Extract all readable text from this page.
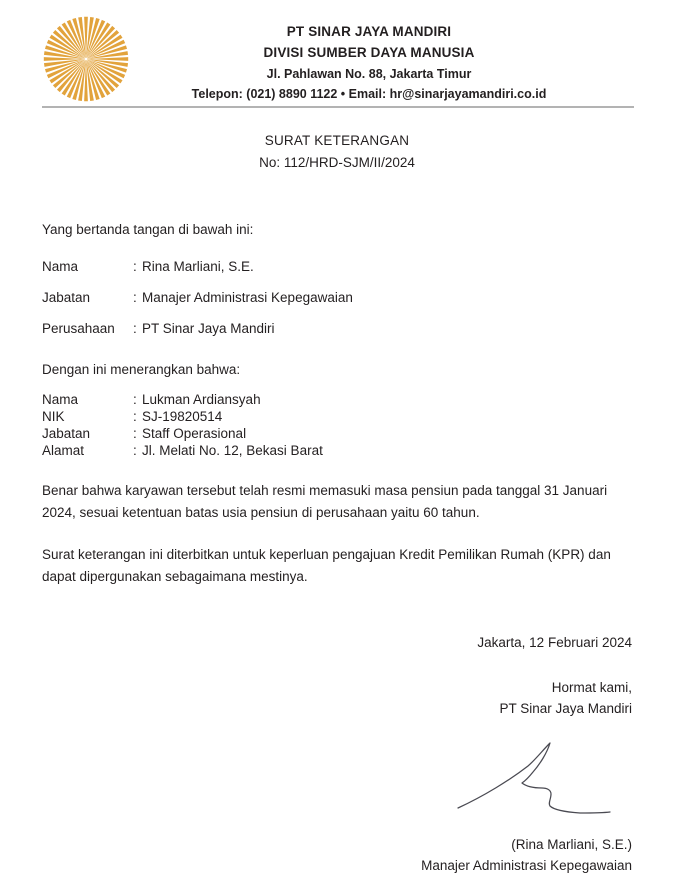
PT SINAR JAYA MANDIRI
DIVISI SUMBER DAYA MANUSIA
Jl. Pahlawan No. 88, Jakarta Timur
Telepon: (021) 8890 1122 • Email: hr@sinarjayamandiri.co.id
SURAT KETERANGAN
No: 112/HRD-SJM/II/2024
Yang bertanda tangan di bawah ini:
Nama	:	Rina Marliani, S.E.
Jabatan	:	Manajer Administrasi Kepegawaian
Perusahaan	:	PT Sinar Jaya Mandiri
Dengan ini menerangkan bahwa:
Nama	:	Lukman Ardiansyah
NIK	:	SJ-19820514
Jabatan	:	Staff Operasional
Alamat	:	Jl. Melati No. 12, Bekasi Barat

Benar bahwa karyawan tersebut telah resmi memasuki masa pensiun pada tanggal 31 Januari 2024, sesuai ketentuan batas usia pensiun di perusahaan yaitu 60 tahun.

Surat keterangan ini diterbitkan untuk keperluan pengajuan Kredit Pemilikan Rumah (KPR) dan dapat dipergunakan sebagaimana mestinya.

Jakarta, 12 Februari 2024
Hormat kami,
PT Sinar Jaya Mandiri
(Rina Marliani, S.E.)
Manajer Administrasi Kepegawaian
